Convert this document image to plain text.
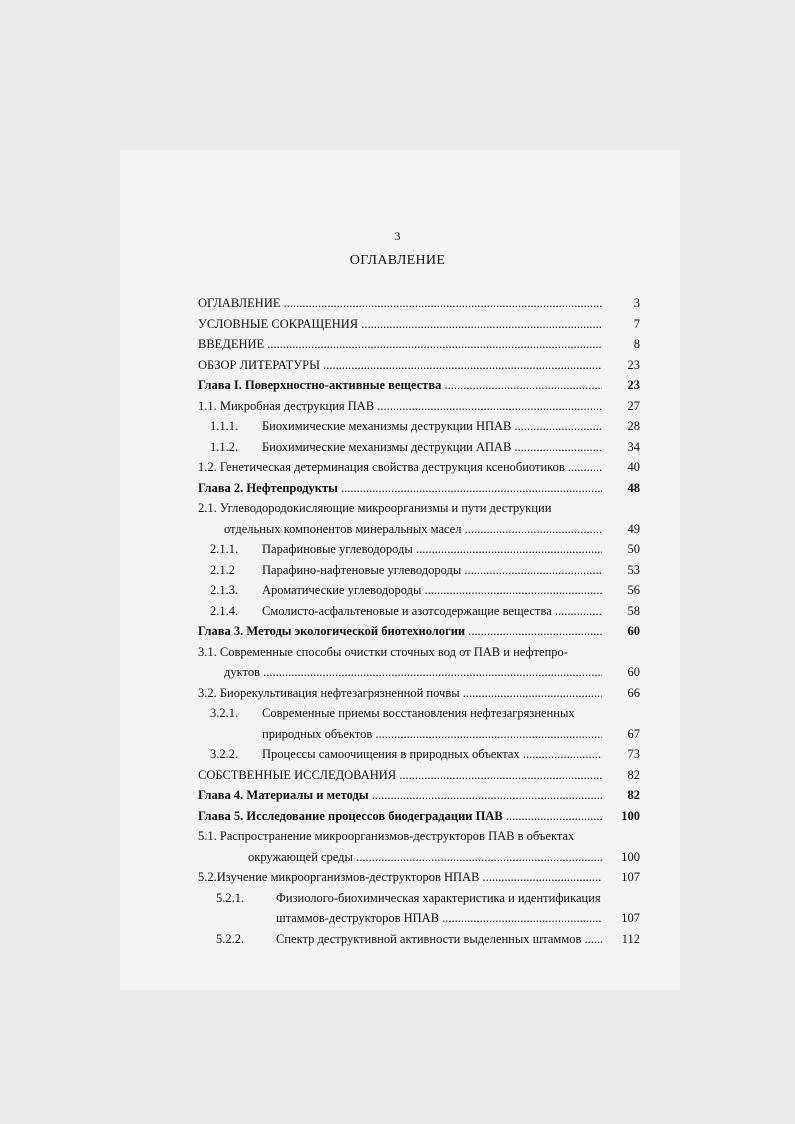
3
ОГЛАВЛЕНИЕ
ОГЛАВЛЕНИЕ .....	3
УСЛОВНЫЕ СОКРАЩЕНИЯ .....	7
ВВЕДЕНИЕ .....	8
ОБЗОР ЛИТЕРАТУРЫ .....	23
Глава I. Поверхностно-активные вещества .....	23
1.1. Микробная деструкция ПАВ .....	27
1.1.1. Биохимические механизмы деструкции НПАВ .....	28
1.1.2. Биохимические механизмы деструкции АПАВ .....	34
1.2. Генетическая детерминация свойства деструкция ксенобиотиков .....	40
Глава 2. Нефтепродукты .....	48
2.1. Углеводородокисляющие микроорганизмы и пути деструкции
отдельных компонентов минеральных масел .....	49
2.1.1. Парафиновые углеводороды .....	50
2.1.2 Парафино-нафтеновые углеводороды .....	53
2.1.3. Ароматические углеводороды .....	56
2.1.4. Смолисто-асфальтеновые и азотсодержащие вещества .....	58
Глава 3. Методы экологической биотехнологии .....	60
3.1. Современные способы очистки сточных вод от ПАВ и нефтепро-
дуктов .....	60
3.2. Биорекультивация нефтезагрязненной почвы .....	66
3.2.1. Современные приемы восстановления нефтезагрязненных
природных объектов .....	67
3.2.2. Процессы самоочищения в природных объектах .....	73
СОБСТВЕННЫЕ ИССЛЕДОВАНИЯ .....	82
Глава 4. Материалы и методы .....	82
Глава 5. Исследование процессов биодеградации ПАВ .....	100
5.1. Распространение микроорганизмов-деструкторов ПАВ в объектах
окружающей среды .....	100
5.2.Изучение микроорганизмов-деструкторов НПАВ .....	107
5.2.1.	Физиолого-биохимическая характеристика и идентификация
штаммов-деструкторов НПАВ .....	107
5.2.2.	Спектр деструктивной активности выделенных штаммов .....	112
